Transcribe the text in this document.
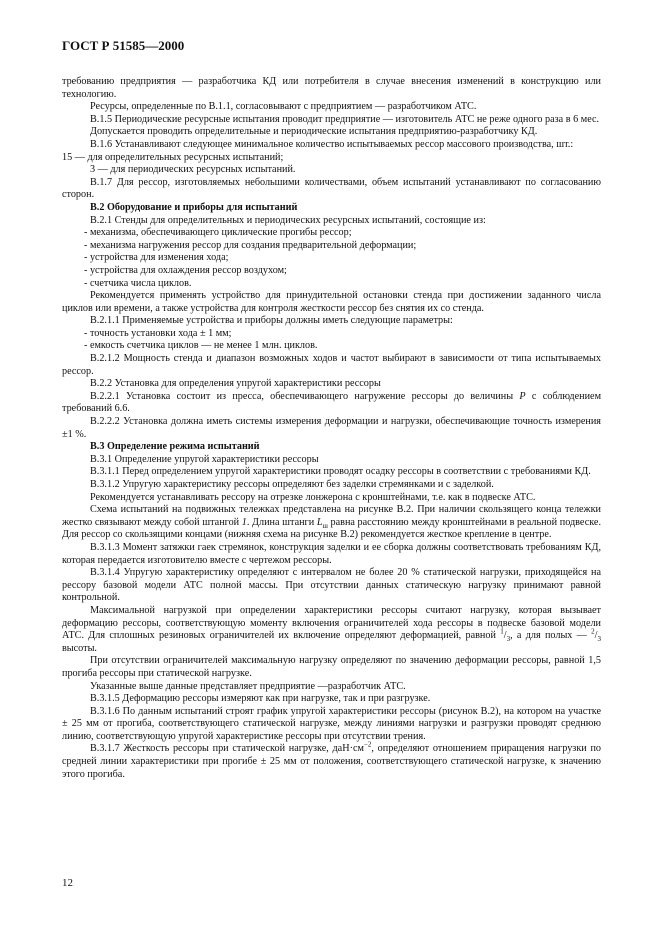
ГОСТ Р 51585—2000

требованию предприятия — разработчика КД или потребителя в случае внесения изменений в конструкцию или технологию.

Ресурсы, определенные по В.1.1, согласовывают с предприятием — разработчиком АТС.

В.1.5 Периодические ресурсные испытания проводит предприятие — изготовитель АТС не реже одного раза в 6 мес.

Допускается проводить определительные и периодические испытания предприятию-разработчику КД.

В.1.6 Устанавливают следующее минимальное количество испытываемых рессор массового производства, шт.:

15 — для определительных ресурсных испытаний;

3 — для периодических ресурсных испытаний.

В.1.7 Для рессор, изготовляемых небольшими количествами, объем испытаний устанавливают по согласованию сторон.

В.2 Оборудование и приборы для испытаний

В.2.1 Стенды для определительных и периодических ресурсных испытаний, состоящие из:

- механизма, обеспечивающего циклические прогибы рессор;
- механизма нагружения рессор для создания предварительной деформации;
- устройства для изменения хода;
- устройства для охлаждения рессор воздухом;
- счетчика числа циклов.

Рекомендуется применять устройство для принудительной остановки стенда при достижении заданного числа циклов или времени, а также устройства для контроля жесткости рессор без снятия их со стенда.

В.2.1.1 Применяемые устройства и приборы должны иметь следующие параметры:

- точность установки хода ± 1 мм;
- емкость счетчика циклов — не менее 1 млн. циклов.

В.2.1.2 Мощность стенда и диапазон возможных ходов и частот выбирают в зависимости от типа испытываемых рессор.

В.2.2 Установка для определения упругой характеристики рессоры

В.2.2.1 Установка состоит из пресса, обеспечивающего нагружение рессоры до величины P с соблюдением требований 6.6.

В.2.2.2 Установка должна иметь системы измерения деформации и нагрузки, обеспечивающие точность измерения ±1 %.

В.3 Определение режима испытаний

В.3.1 Определение упругой характеристики рессоры

В.3.1.1 Перед определением упругой характеристики проводят осадку рессоры в соответствии с требованиями КД.

В.3.1.2 Упругую характеристику рессоры определяют без заделки стремянками и с заделкой.

Рекомендуется устанавливать рессору на отрезке лонжерона с кронштейнами, т.е. как в подвеске АТС.

Схема испытаний на подвижных тележках представлена на рисунке В.2. При наличии скользящего конца тележки жестко связывают между собой штангой 1. Длина штанги $L_ш$ равна расстоянию между кронштейнами в реальной подвеске. Для рессор со скользящими концами (нижняя схема на рисунке В.2) рекомендуется жесткое крепление в центре.

В.3.1.3 Момент затяжки гаек стремянок, конструкция заделки и ее сборка должны соответствовать требованиям КД, которая передается изготовителю вместе с чертежом рессоры.

В.3.1.4 Упругую характеристику определяют с интервалом не более 20 % статической нагрузки, приходящейся на рессору базовой модели АТС полной массы. При отсутствии данных статическую нагрузку принимают равной контрольной.

Максимальной нагрузкой при определении характеристики рессоры считают нагрузку, которая вызывает деформацию рессоры, соответствующую моменту включения ограничителей хода рессоры в подвеске базовой модели АТС. Для сплошных резиновых ограничителей их включение определяют деформацией, равной $^1/_3$, а для полых — $^2/_3$ высоты.

При отсутствии ограничителей максимальную нагрузку определяют по значению деформации рессоры, равной 1,5 прогиба рессоры при статической нагрузке.

Указанные выше данные представляет предприятие —разработчик АТС.

В.3.1.5 Деформацию рессоры измеряют как при нагрузке, так и при разгрузке.

В.3.1.6 По данным испытаний строят график упругой характеристики рессоры (рисунок В.2), на котором на участке ± 25 мм от прогиба, соответствующего статической нагрузке, между линиями нагрузки и разгрузки проводят среднюю линию, соответствующую упругой характеристике рессоры при отсутствии трения.

В.3.1.7 Жесткость рессоры при статической нагрузке, $даН\cdot см^{-2}$, определяют отношением приращения нагрузки по средней линии характеристики при прогибе ± 25 мм от положения, соответствующего статической нагрузке, к значению этого прогиба.

12
